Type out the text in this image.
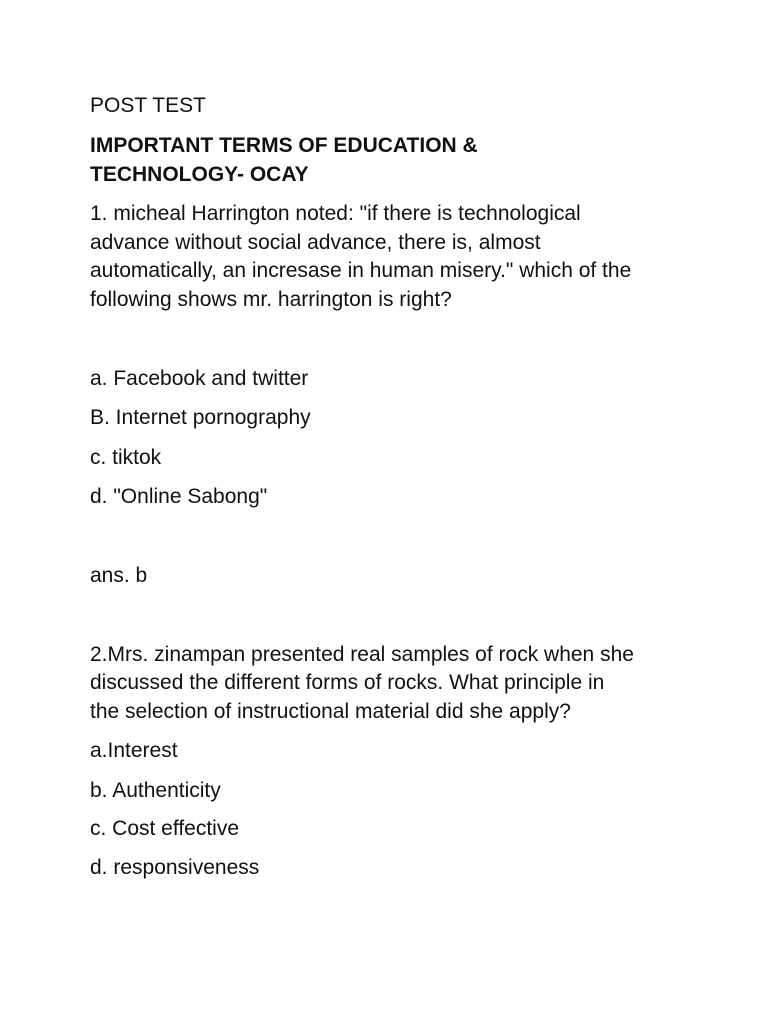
POST TEST
IMPORTANT TERMS OF EDUCATION &
TECHNOLOGY- OCAY
1. micheal Harrington noted: "if there is technological
advance without social advance, there is, almost
automatically, an incresase in human misery." which of the
following shows mr. harrington is right?
a. Facebook and twitter
B. Internet pornography
c. tiktok
d. "Online Sabong"
ans. b
2.Mrs. zinampan presented real samples of rock when she
discussed the different forms of rocks. What principle in
the selection of instructional material did she apply?
a.Interest
b. Authenticity
c. Cost effective
d. responsiveness
